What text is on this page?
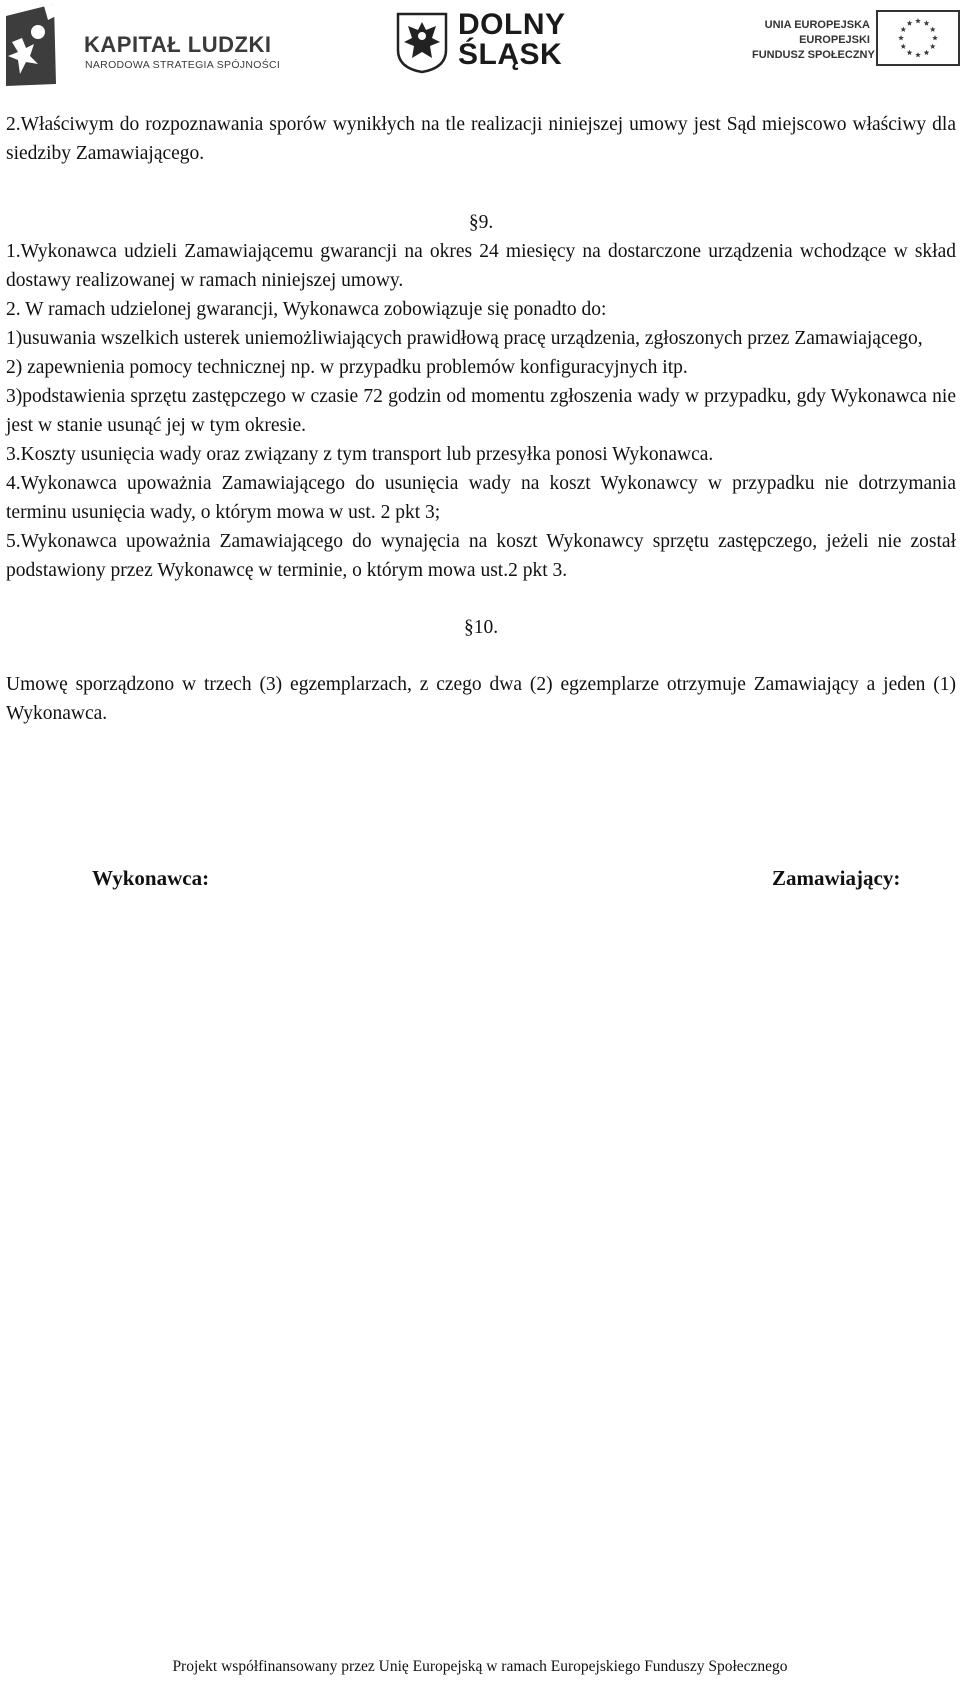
KAPITAŁ LUDZKI
NARODOWA STRATEGIA SPÓJNOŚCI
DOLNY
ŚLĄSK
UNIA EUROPEJSKA
EUROPEJSKI
FUNDUSZ SPOŁECZNY

2.Właściwym do rozpoznawania sporów wynikłych na tle realizacji niniejszej umowy jest Sąd miejscowo właściwy dla siedziby Zamawiającego.

§9.

1.Wykonawca udzieli Zamawiającemu gwarancji na okres 24 miesięcy na dostarczone urządzenia wchodzące w skład dostawy realizowanej w ramach niniejszej umowy.

2. W ramach udzielonej gwarancji, Wykonawca zobowiązuje się ponadto do:

1)usuwania wszelkich usterek uniemożliwiających prawidłową pracę urządzenia, zgłoszonych przez Zamawiającego,

2) zapewnienia pomocy technicznej np. w przypadku problemów konfiguracyjnych itp.

3)podstawienia sprzętu zastępczego w czasie 72 godzin od momentu zgłoszenia wady w przypadku, gdy Wykonawca nie jest w stanie usunąć jej w tym okresie.

3.Koszty usunięcia wady oraz związany z tym transport lub przesyłka ponosi Wykonawca.

4.Wykonawca upoważnia Zamawiającego do usunięcia wady na koszt Wykonawcy w przypadku nie dotrzymania terminu usunięcia wady, o którym mowa w ust. 2 pkt 3;

5.Wykonawca upoważnia Zamawiającego do wynajęcia na koszt Wykonawcy sprzętu zastępczego, jeżeli nie został podstawiony przez Wykonawcę w terminie, o którym mowa ust.2 pkt 3.

§10.

Umowę sporządzono w trzech (3) egzemplarzach, z czego dwa (2) egzemplarze otrzymuje Zamawiający a jeden (1) Wykonawca.

Wykonawca:	Zamawiający:
Projekt współfinansowany przez Unię Europejską w ramach Europejskiego Funduszy Społecznego
